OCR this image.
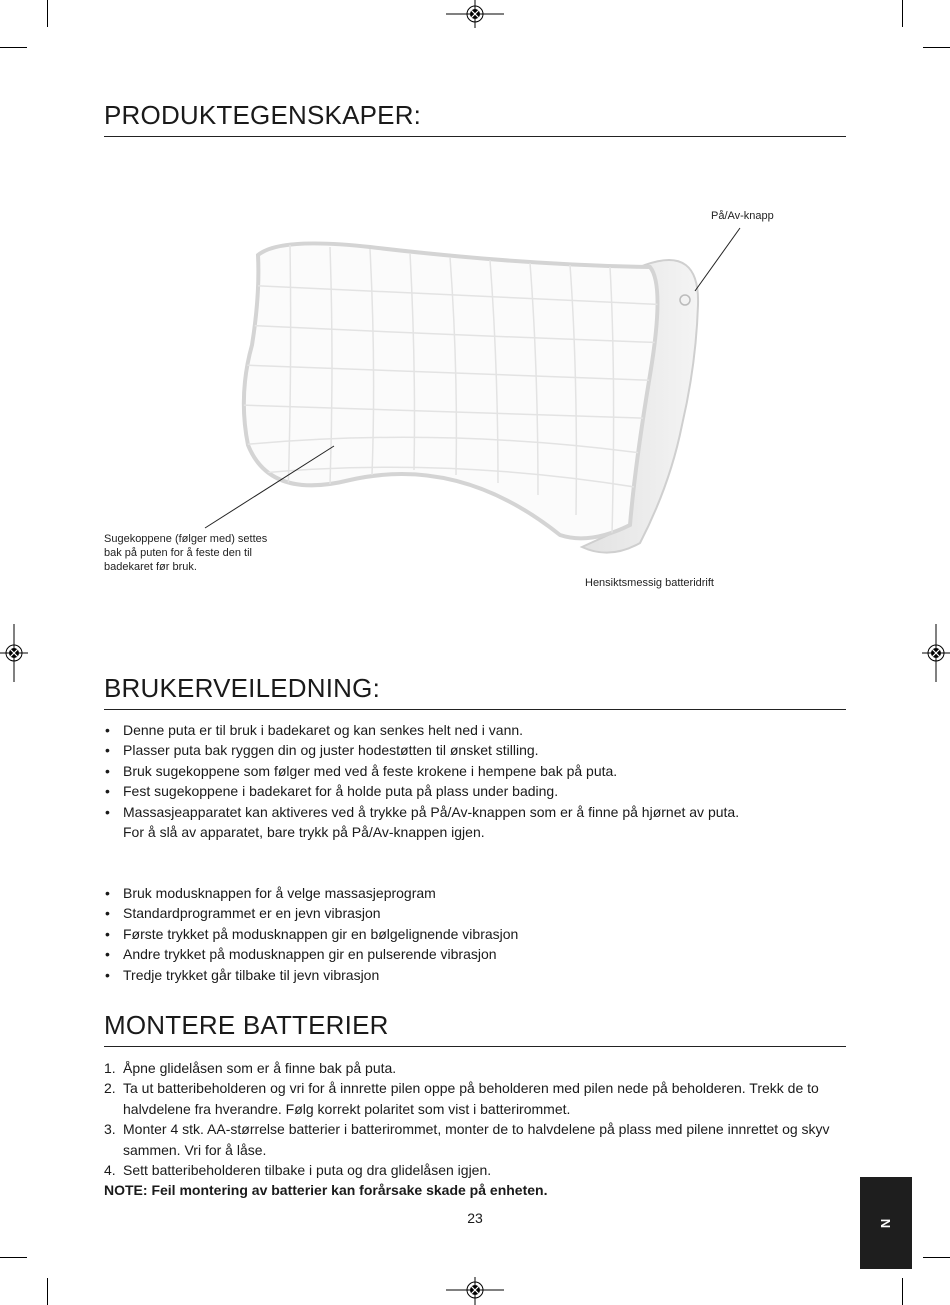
PRODUKTEGENSKAPER:
På/Av-knapp
Sugekoppene (følger med) settes
bak på puten for å feste den til
badekaret før bruk.
Hensiktsmessig batteridrift
BRUKERVEILEDNING:
• Denne puta er til bruk i badekaret og kan senkes helt ned i vann.
• Plasser puta bak ryggen din og juster hodestøtten til ønsket stilling.
• Bruk sugekoppene som følger med ved å feste krokene i hempene bak på puta.
• Fest sugekoppene i badekaret for å holde puta på plass under bading.
• Massasjeapparatet kan aktiveres ved å trykke på På/Av-knappen som er å finne på hjørnet av puta.
For å slå av apparatet, bare trykk på På/Av-knappen igjen.
• Bruk modusknappen for å velge massasjeprogram
• Standardprogrammet er en jevn vibrasjon
• Første trykket på modusknappen gir en bølgelignende vibrasjon
• Andre trykket på modusknappen gir en pulserende vibrasjon
• Tredje trykket går tilbake til jevn vibrasjon
MONTERE BATTERIER
1. Åpne glidelåsen som er å finne bak på puta.
2. Ta ut batteribeholderen og vri for å innrette pilen oppe på beholderen med pilen nede på beholderen. Trekk de to halvdelene fra hverandre. Følg korrekt polaritet som vist i batterirommet.
3. Monter 4 stk. AA-størrelse batterier i batterirommet, monter de to halvdelene på plass med pilene innrettet og skyv sammen. Vri for å låse.
4. Sett batteribeholderen tilbake i puta og dra glidelåsen igjen.
NOTE: Feil montering av batterier kan forårsake skade på enheten.
23	N
